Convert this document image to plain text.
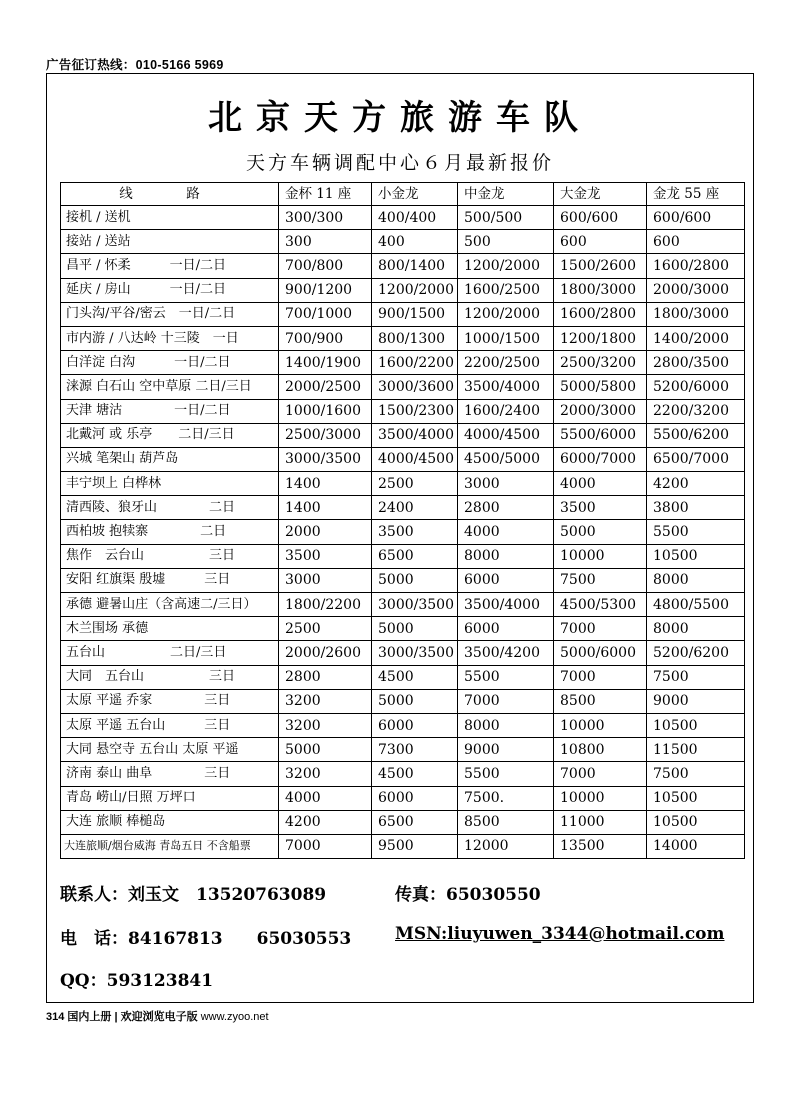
广告征订热线：010-5166 5969
北京天方旅游车队
天方车辆调配中心６月最新报价
线　路	金杯 11 座	小金龙	中金龙	大金龙	金龙 55 座
接机 / 送机	300/300	400/400	500/500	600/600	600/600
接站 / 送站	300	400	500	600	600
昌平 / 怀柔　　　一日/二日	700/800	800/1400	1200/2000	1500/2600	1600/2800
延庆 / 房山　　　一日/二日	900/1200	1200/2000	1600/2500	1800/3000	2000/3000
门头沟/平谷/密云　一日/二日	700/1000	900/1500	1200/2000	1600/2800	1800/3000
市内游 / 八达岭 十三陵　一日	700/900	800/1300	1000/1500	1200/1800	1400/2000
白洋淀 白沟　　　一日/二日	1400/1900	1600/2200	2200/2500	2500/3200	2800/3500
涞源 白石山 空中草原 二日/三日	2000/2500	3000/3600	3500/4000	5000/5800	5200/6000
天津 塘沽　　　　一日/二日	1000/1600	1500/2300	1600/2400	2000/3000	2200/3200
北戴河 或 乐亭　　二日/三日	2500/3000	3500/4000	4000/4500	5500/6000	5500/6200
兴城 笔架山 葫芦岛	3000/3500	4000/4500	4500/5000	6000/7000	6500/7000
丰宁坝上 白桦林	1400	2500	3000	4000	4200
清西陵、狼牙山　　　　二日	1400	2400	2800	3500	3800
西柏坡 抱犊寨　　　　二日	2000	3500	4000	5000	5500
焦作　云台山　　　　　三日	3500	6500	8000	10000	10500
安阳 红旗渠 殷墟　　　三日	3000	5000	6000	7500	8000
承德 避暑山庄（含高速二/三日）	1800/2200	3000/3500	3500/4000	4500/5300	4800/5500
木兰围场 承德	2500	5000	6000	7000	8000
五台山　　　　　二日/三日	2000/2600	3000/3500	3500/4200	5000/6000	5200/6200
大同　五台山　　　　　三日	2800	4500	5500	7000	7500
太原 平遥 乔家　　　　三日	3200	5000	7000	8500	9000
太原 平遥 五台山　　　三日	3200	6000	8000	10000	10500
大同 悬空寺 五台山 太原 平遥	5000	7300	9000	10800	11500
济南 泰山 曲阜　　　　三日	3200	4500	5500	7000	7500
青岛 崂山/日照 万坪口	4000	6000	7500.	10000	10500
大连 旅顺 棒槌岛	4200	6500	8500	11000	10500
大连旅顺/烟台威海 青岛五日 不含船票	7000	9500	12000	13500	14000
联系人：刘玉文　13520763089	传真：65030550
电　话：84167813　　65030553	MSN:liuyuwen_3344@hotmail.com
QQ：593123841
314 国内上册 | 欢迎浏览电子版 www.zyoo.net
